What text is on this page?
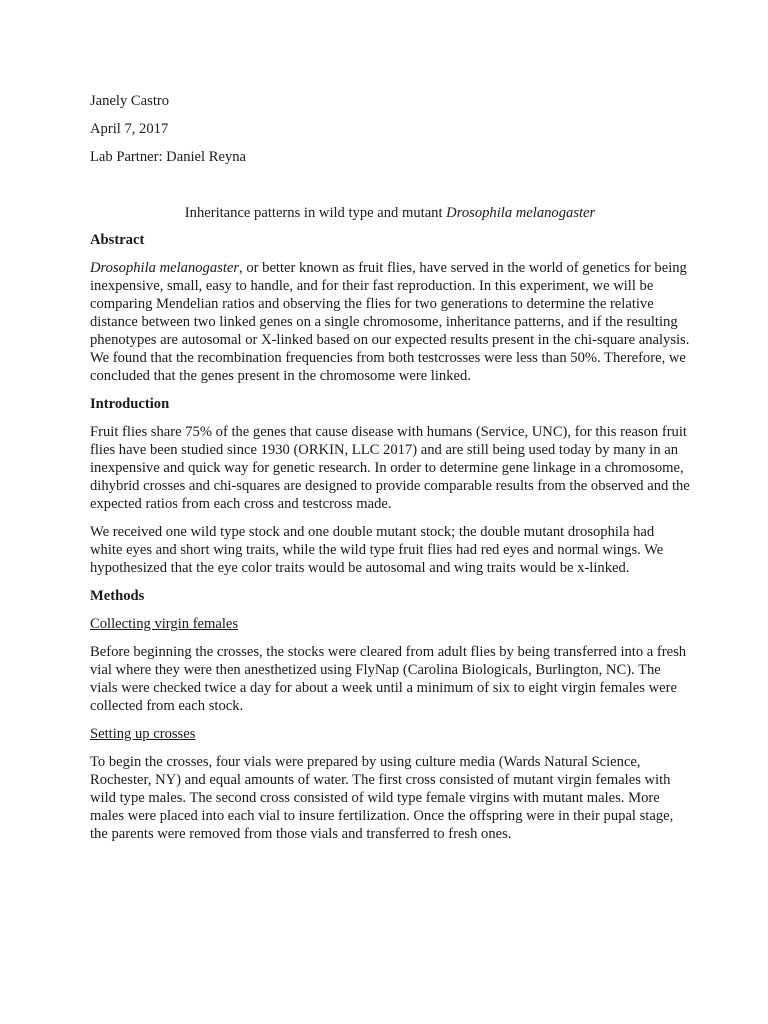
Janely Castro
April 7, 2017
Lab Partner: Daniel Reyna
Inheritance patterns in wild type and mutant Drosophila melanogaster
Abstract

Drosophila melanogaster, or better known as fruit flies, have served in the world of genetics for being inexpensive, small, easy to handle, and for their fast reproduction. In this experiment, we will be comparing Mendelian ratios and observing the flies for two generations to determine the relative distance between two linked genes on a single chromosome, inheritance patterns, and if the resulting phenotypes are autosomal or X-linked based on our expected results present in the chi-square analysis. We found that the recombination frequencies from both testcrosses were less than 50%. Therefore, we concluded that the genes present in the chromosome were linked.

Introduction

Fruit flies share 75% of the genes that cause disease with humans (Service, UNC), for this reason fruit flies have been studied since 1930 (ORKIN, LLC 2017) and are still being used today by many in an inexpensive and quick way for genetic research. In order to determine gene linkage in a chromosome, dihybrid crosses and chi-squares are designed to provide comparable results from the observed and the expected ratios from each cross and testcross made.

We received one wild type stock and one double mutant stock; the double mutant drosophila had white eyes and short wing traits, while the wild type fruit flies had red eyes and normal wings. We hypothesized that the eye color traits would be autosomal and wing traits would be x-linked.

Methods
Collecting virgin females

Before beginning the crosses, the stocks were cleared from adult flies by being transferred into a fresh vial where they were then anesthetized using FlyNap (Carolina Biologicals, Burlington, NC). The vials were checked twice a day for about a week until a minimum of six to eight virgin females were collected from each stock.

Setting up crosses

To begin the crosses, four vials were prepared by using culture media (Wards Natural Science, Rochester, NY) and equal amounts of water. The first cross consisted of mutant virgin females with wild type males. The second cross consisted of wild type female virgins with mutant males. More males were placed into each vial to insure fertilization. Once the offspring were in their pupal stage, the parents were removed from those vials and transferred to fresh ones.
